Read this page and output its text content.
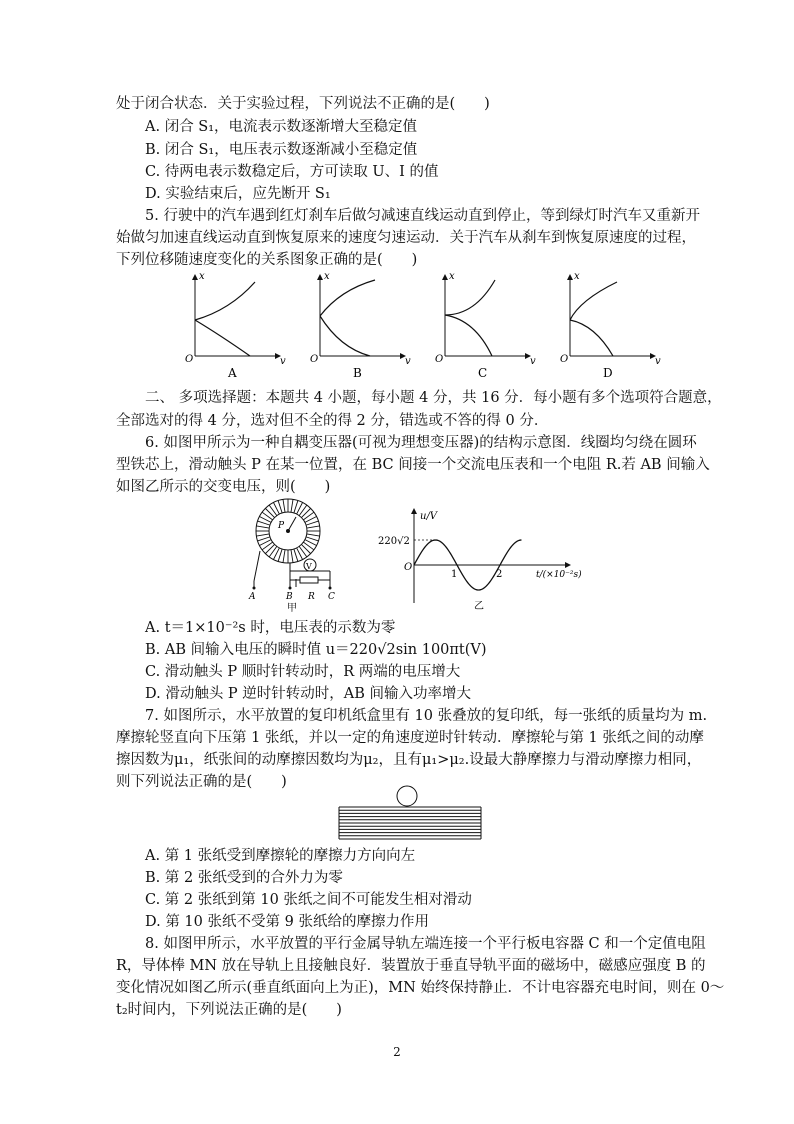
处于闭合状态．关于实验过程，下列说法不正确的是(　　)
A. 闭合 S₁，电流表示数逐渐增大至稳定值
B. 闭合 S₁，电压表示数逐渐减小至稳定值
C. 待两电表示数稳定后，方可读取 U、I 的值
D. 实验结束后，应先断开 S₁
5. 行驶中的汽车遇到红灯刹车后做匀减速直线运动直到停止，等到绿灯时汽车又重新开
始做匀加速直线运动直到恢复原来的速度匀速运动．关于汽车从刹车到恢复原速度的过程，
下列位移随速度变化的关系图象正确的是(　　)
O
x
v
A
O
x
v
B
O
x
v
C
O
x
v
D
二、 多项选择题：本题共 4 小题，每小题 4 分，共 16 分．每小题有多个选项符合题意，
全部选对的得 4 分，选对但不全的得 2 分，错选或不答的得 0 分．
6. 如图甲所示为一种自耦变压器(可视为理想变压器)的结构示意图．线圈均匀绕在圆环
型铁芯上，滑动触头 P 在某一位置，在 BC 间接一个交流电压表和一个电阻 R.若 AB 间输入
如图乙所示的交变电压，则(　　)
P
V
A	B R C
甲
220√2
O
u/V
1	2	t/(×10⁻²s)
乙
A. t＝1×10⁻²s 时，电压表的示数为零
B. AB 间输入电压的瞬时值 u＝220√2sin 100πt(V)
C. 滑动触头 P 顺时针转动时，R 两端的电压增大
D. 滑动触头 P 逆时针转动时，AB 间输入功率增大
7. 如图所示，水平放置的复印机纸盒里有 10 张叠放的复印纸，每一张纸的质量均为 m.
摩擦轮竖直向下压第 1 张纸，并以一定的角速度逆时针转动．摩擦轮与第 1 张纸之间的动摩
擦因数为μ₁，纸张间的动摩擦因数均为μ₂，且有μ₁>μ₂.设最大静摩擦力与滑动摩擦力相同，
则下列说法正确的是(　　)
A. 第 1 张纸受到摩擦轮的摩擦力方向向左
B. 第 2 张纸受到的合外力为零
C. 第 2 张纸到第 10 张纸之间不可能发生相对滑动
D. 第 10 张纸不受第 9 张纸给的摩擦力作用
8. 如图甲所示，水平放置的平行金属导轨左端连接一个平行板电容器 C 和一个定值电阻
R，导体棒 MN 放在导轨上且接触良好．装置放于垂直导轨平面的磁场中，磁感应强度 B 的
变化情况如图乙所示(垂直纸面向上为正)，MN 始终保持静止．不计电容器充电时间，则在 0～
t₂时间内，下列说法正确的是(　　)
2
